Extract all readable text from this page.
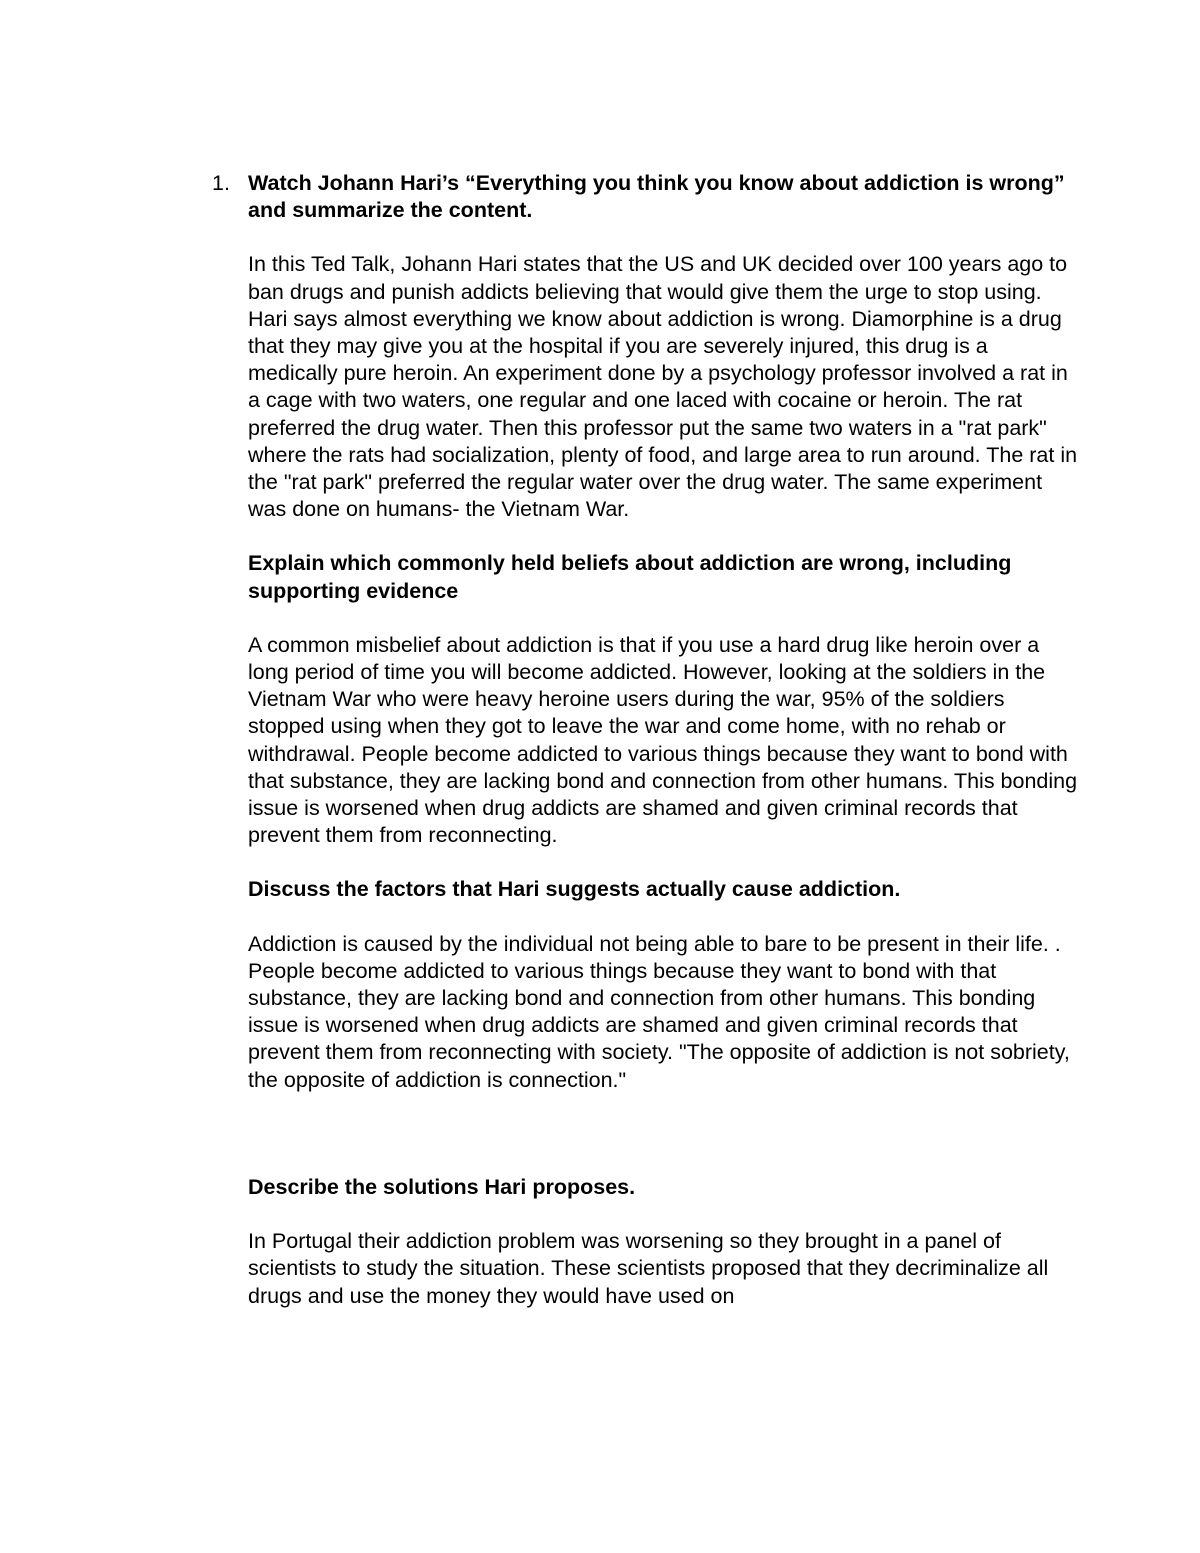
1. Watch Johann Hari’s “Everything you think you know about addiction is wrong” and summarize the content.

In this Ted Talk, Johann Hari states that the US and UK decided over 100 years ago to ban drugs and punish addicts believing that would give them the urge to stop using. Hari says almost everything we know about addiction is wrong. Diamorphine is a drug that they may give you at the hospital if you are severely injured, this drug is a medically pure heroin. An experiment done by a psychology professor involved a rat in a cage with two waters, one regular and one laced with cocaine or heroin. The rat preferred the drug water. Then this professor put the same two waters in a "rat park" where the rats had socialization, plenty of food, and large area to run around. The rat in the "rat park" preferred the regular water over the drug water. The same experiment was done on humans- the Vietnam War.

Explain which commonly held beliefs about addiction are wrong, including supporting evidence

A common misbelief about addiction is that if you use a hard drug like heroin over a long period of time you will become addicted. However, looking at the soldiers in the Vietnam War who were heavy heroine users during the war, 95% of the soldiers stopped using when they got to leave the war and come home, with no rehab or withdrawal. People become addicted to various things because they want to bond with that substance, they are lacking bond and connection from other humans. This bonding issue is worsened when drug addicts are shamed and given criminal records that prevent them from reconnecting.

Discuss the factors that Hari suggests actually cause addiction.

Addiction is caused by the individual not being able to bare to be present in their life. . People become addicted to various things because they want to bond with that substance, they are lacking bond and connection from other humans. This bonding issue is worsened when drug addicts are shamed and given criminal records that prevent them from reconnecting with society. "The opposite of addiction is not sobriety, the opposite of addiction is connection."

Describe the solutions Hari proposes.

In Portugal their addiction problem was worsening so they brought in a panel of scientists to study the situation. These scientists proposed that they decriminalize all drugs and use the money they would have used on
